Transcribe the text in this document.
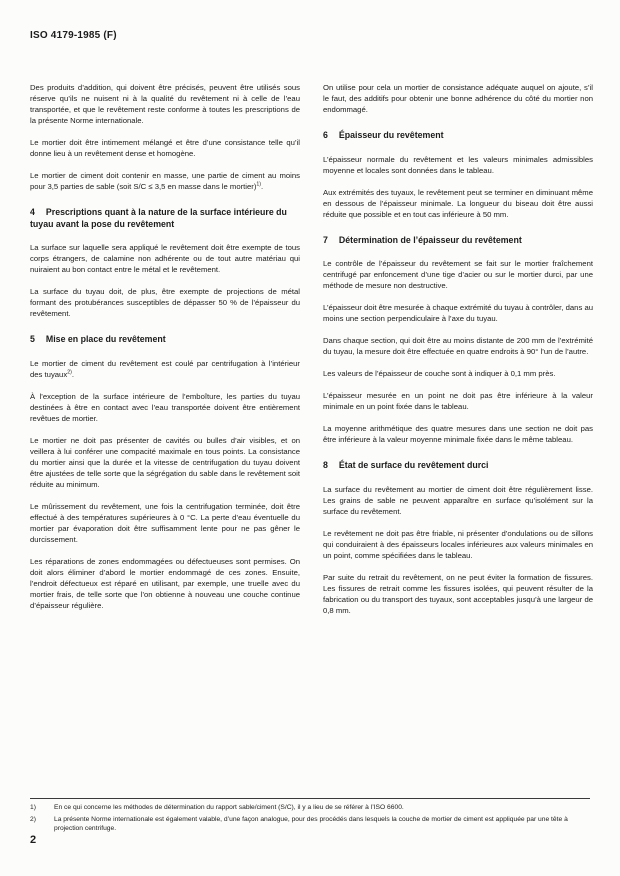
ISO 4179-1985 (F)

Des produits d’addition, qui doivent être précisés, peuvent être utilisés sous réserve qu’ils ne nuisent ni à la qualité du revêtement ni à celle de l’eau transportée, et que le revêtement reste conforme à toutes les prescriptions de la présente Norme internationale.

Le mortier doit être intimement mélangé et être d’une consistance telle qu’il donne lieu à un revêtement dense et homogène.

Le mortier de ciment doit contenir en masse, une partie de ciment au moins pour 3,5 parties de sable (soit S/C ≤ 3,5 en masse dans le mortier)$^{1)}$.

4 Prescriptions quant à la nature de la surface intérieure du tuyau avant la pose du revêtement

La surface sur laquelle sera appliqué le revêtement doit être exempte de tous corps étrangers, de calamine non adhérente ou de tout autre matériau qui nuiraient au bon contact entre le métal et le revêtement.

La surface du tuyau doit, de plus, être exempte de projections de métal formant des protubérances susceptibles de dépasser 50 % de l’épaisseur du revêtement.

5 Mise en place du revêtement

Le mortier de ciment du revêtement est coulé par centrifugation à l’intérieur des tuyaux$^{2)}$.

À l’exception de la surface intérieure de l’emboîture, les parties du tuyau destinées à être en contact avec l’eau transportée doivent être entièrement revêtues de mortier.

Le mortier ne doit pas présenter de cavités ou bulles d’air visibles, et on veillera à lui conférer une compacité maximale en tous points. La consistance du mortier ainsi que la durée et la vitesse de centrifugation du tuyau doivent être ajustées de telle sorte que la ségrégation du sable dans le revêtement soit réduite au minimum.

Le mûrissement du revêtement, une fois la centrifugation terminée, doit être effectué à des températures supérieures à 0 °C. La perte d’eau éventuelle du mortier par évaporation doit être suffisamment lente pour ne pas gêner le durcissement.

Les réparations de zones endommagées ou défectueuses sont permises. On doit alors éliminer d’abord le mortier endommagé de ces zones. Ensuite, l’endroit défectueux est réparé en utilisant, par exemple, une truelle avec du mortier frais, de telle sorte que l’on obtienne à nouveau une couche continue d’épaisseur régulière.

On utilise pour cela un mortier de consistance adéquate auquel on ajoute, s’il le faut, des additifs pour obtenir une bonne adhérence du côté du mortier non endommagé.

6 Épaisseur du revêtement

L’épaisseur normale du revêtement et les valeurs minimales admissibles moyenne et locales sont données dans le tableau.

Aux extrémités des tuyaux, le revêtement peut se terminer en diminuant même en dessous de l’épaisseur minimale. La longueur du biseau doit être aussi réduite que possible et en tout cas inférieure à 50 mm.

7 Détermination de l’épaisseur du revêtement

Le contrôle de l’épaisseur du revêtement se fait sur le mortier fraîchement centrifugé par enfoncement d’une tige d’acier ou sur le mortier durci, par une méthode de mesure non destructive.

L’épaisseur doit être mesurée à chaque extrémité du tuyau à contrôler, dans au moins une section perpendiculaire à l’axe du tuyau.

Dans chaque section, qui doit être au moins distante de 200 mm de l’extrémité du tuyau, la mesure doit être effectuée en quatre endroits à 90° l’un de l’autre.

Les valeurs de l’épaisseur de couche sont à indiquer à 0,1 mm près.

L’épaisseur mesurée en un point ne doit pas être inférieure à la valeur minimale en un point fixée dans le tableau.

La moyenne arithmétique des quatre mesures dans une section ne doit pas être inférieure à la valeur moyenne minimale fixée dans le même tableau.

8 État de surface du revêtement durci

La surface du revêtement au mortier de ciment doit être régulièrement lisse. Les grains de sable ne peuvent apparaître en surface qu’isolément sur la surface du revêtement.

Le revêtement ne doit pas être friable, ni présenter d’ondulations ou de sillons qui conduiraient à des épaisseurs locales inférieures aux valeurs minimales en un point, comme spécifiées dans le tableau.

Par suite du retrait du revêtement, on ne peut éviter la formation de fissures. Les fissures de retrait comme les fissures isolées, qui peuvent résulter de la fabrication ou du transport des tuyaux, sont acceptables jusqu’à une largeur de 0,8 mm.

1)	En ce qui concerne les méthodes de détermination du rapport sable/ciment (S/C), il y a lieu de se référer à l’ISO 6600.
2)	La présente Norme internationale est également valable, d’une façon analogue, pour des procédés dans lesquels la couche de mortier de ciment est appliquée par une tête à projection centrifuge.
2
